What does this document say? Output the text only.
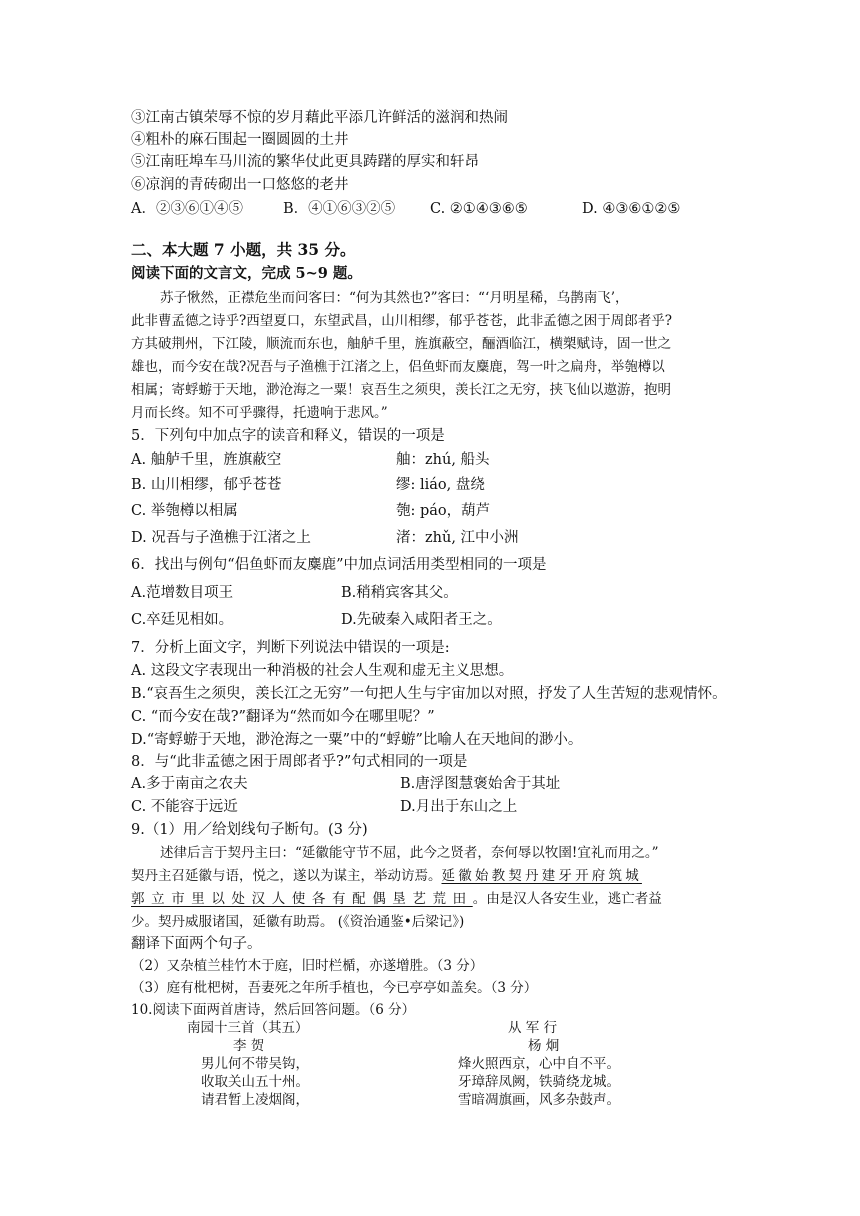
③江南古镇荣辱不惊的岁月藉此平添几许鲜活的滋润和热闹
④粗朴的麻石围起一圈圆圆的土井
⑤江南旺埠车马川流的繁华仗此更具踌躇的厚实和轩昂
⑥凉润的青砖砌出一口悠悠的老井
A．②③⑥①④⑤	B．④①⑥③②⑤ C. ②①④③⑥⑤	D. ④③⑥①②⑤
二、本大题 7 小题，共 35 分。
阅读下面的文言文，完成 5~9 题。
苏子愀然，正襟危坐而问客曰：“何为其然也?”客曰：“‘月明星稀，乌鹊南飞’，
此非曹孟德之诗乎?西望夏口，东望武昌，山川相缪，郁乎苍苍，此非孟德之困于周郎者乎?
方其破荆州，下江陵，顺流而东也，舳舻千里，旌旗蔽空，酾酒临江，横槊赋诗，固一世之
雄也，而今安在哉?况吾与子渔樵于江渚之上，侣鱼虾而友麋鹿，驾一叶之扁舟，举匏樽以
相属；寄蜉蝣于天地，渺沧海之一粟！哀吾生之须臾，羡长江之无穷，挟飞仙以遨游，抱明
月而长终。知不可乎骤得，托遗响于悲风。”
5．下列句中加点字的读音和释义，错误的一项是
A. 舳舻千里，旌旗蔽空	舳：zhú, 船头
B. 山川相缪，郁乎苍苍	缪: liáo, 盘绕
C. 举匏樽以相属	匏: páo，葫芦
D. 况吾与子渔樵于江渚之上	渚：zhǔ, 江中小洲
6．找出与例句“侣鱼虾而友麋鹿”中加点词活用类型相同的一项是
A.范增数目项王	B.稍稍宾客其父。
C.卒廷见相如。	D.先破秦入咸阳者王之。
7．分析上面文字，判断下列说法中错误的一项是:
A. 这段文字表现出一种消极的社会人生观和虚无主义思想。
B.“哀吾生之须臾，羡长江之无穷”一句把人生与宇宙加以对照，抒发了人生苦短的悲观情怀。
C. “而今安在哉?”翻译为“然而如今在哪里呢？”
D.“寄蜉蝣于天地，渺沧海之一粟”中的“蜉蝣”比喻人在天地间的渺小。
8．与“此非孟德之困于周郎者乎?”句式相同的一项是
A.多于南亩之农夫	B.唐浮图慧褒始舍于其址
C. 不能容于远近	D.月出于东山之上
9.（1）用／给划线句子断句。(3 分)
述律后言于契丹主曰：“延徽能守节不屈，此今之贤者，奈何辱以牧圉!宜礼而用之。”
契丹主召延徽与语，悦之，遂以为谋主，举动访焉。延徽始教契丹建牙开府筑城
郭立市里以处汉人使各有配偶垦艺荒田。由是汉人各安生业，逃亡者益
少。契丹威服诸国，延徽有助焉。 (《资治通鉴•后梁记》)
翻译下面两个句子。
（2）又杂植兰桂竹木于庭，旧时栏楯，亦遂增胜。（3 分）
（3）庭有枇杷树，吾妻死之年所手植也，今已亭亭如盖矣。（3 分）
10.阅读下面两首唐诗，然后回答问题。（6 分）
南园十三首（其五）
李 贺
男儿何不带吴钩，
收取关山五十州。
请君暂上凌烟阁，
从 军 行
杨 炯
烽火照西京，心中自不平。
牙璋辞凤阙，铁骑绕龙城。
雪暗凋旗画，风多杂鼓声。
